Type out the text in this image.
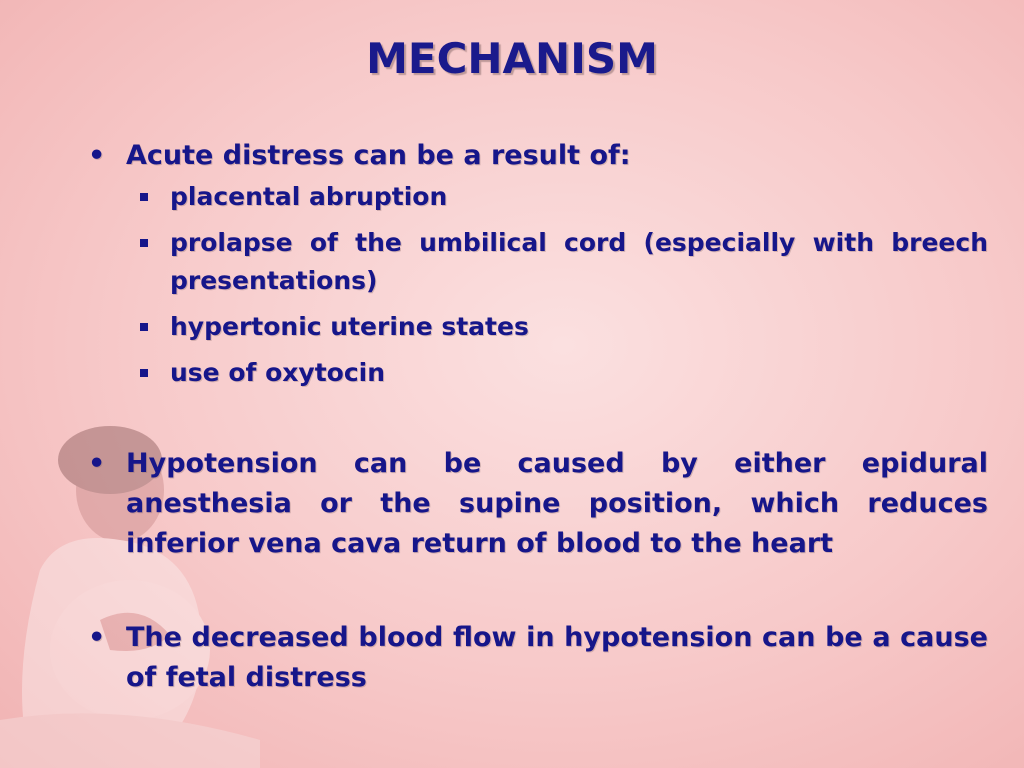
MECHANISM
• Acute distress can be a result of:
placental abruption
prolapse of the umbilical cord (especially with breech presentations)
hypertonic uterine states
use of oxytocin
• Hypotension can be caused by either epidural anesthesia or the supine position, which reduces inferior vena cava return of blood to the heart
• The decreased blood flow in hypotension can be a cause of fetal distress
